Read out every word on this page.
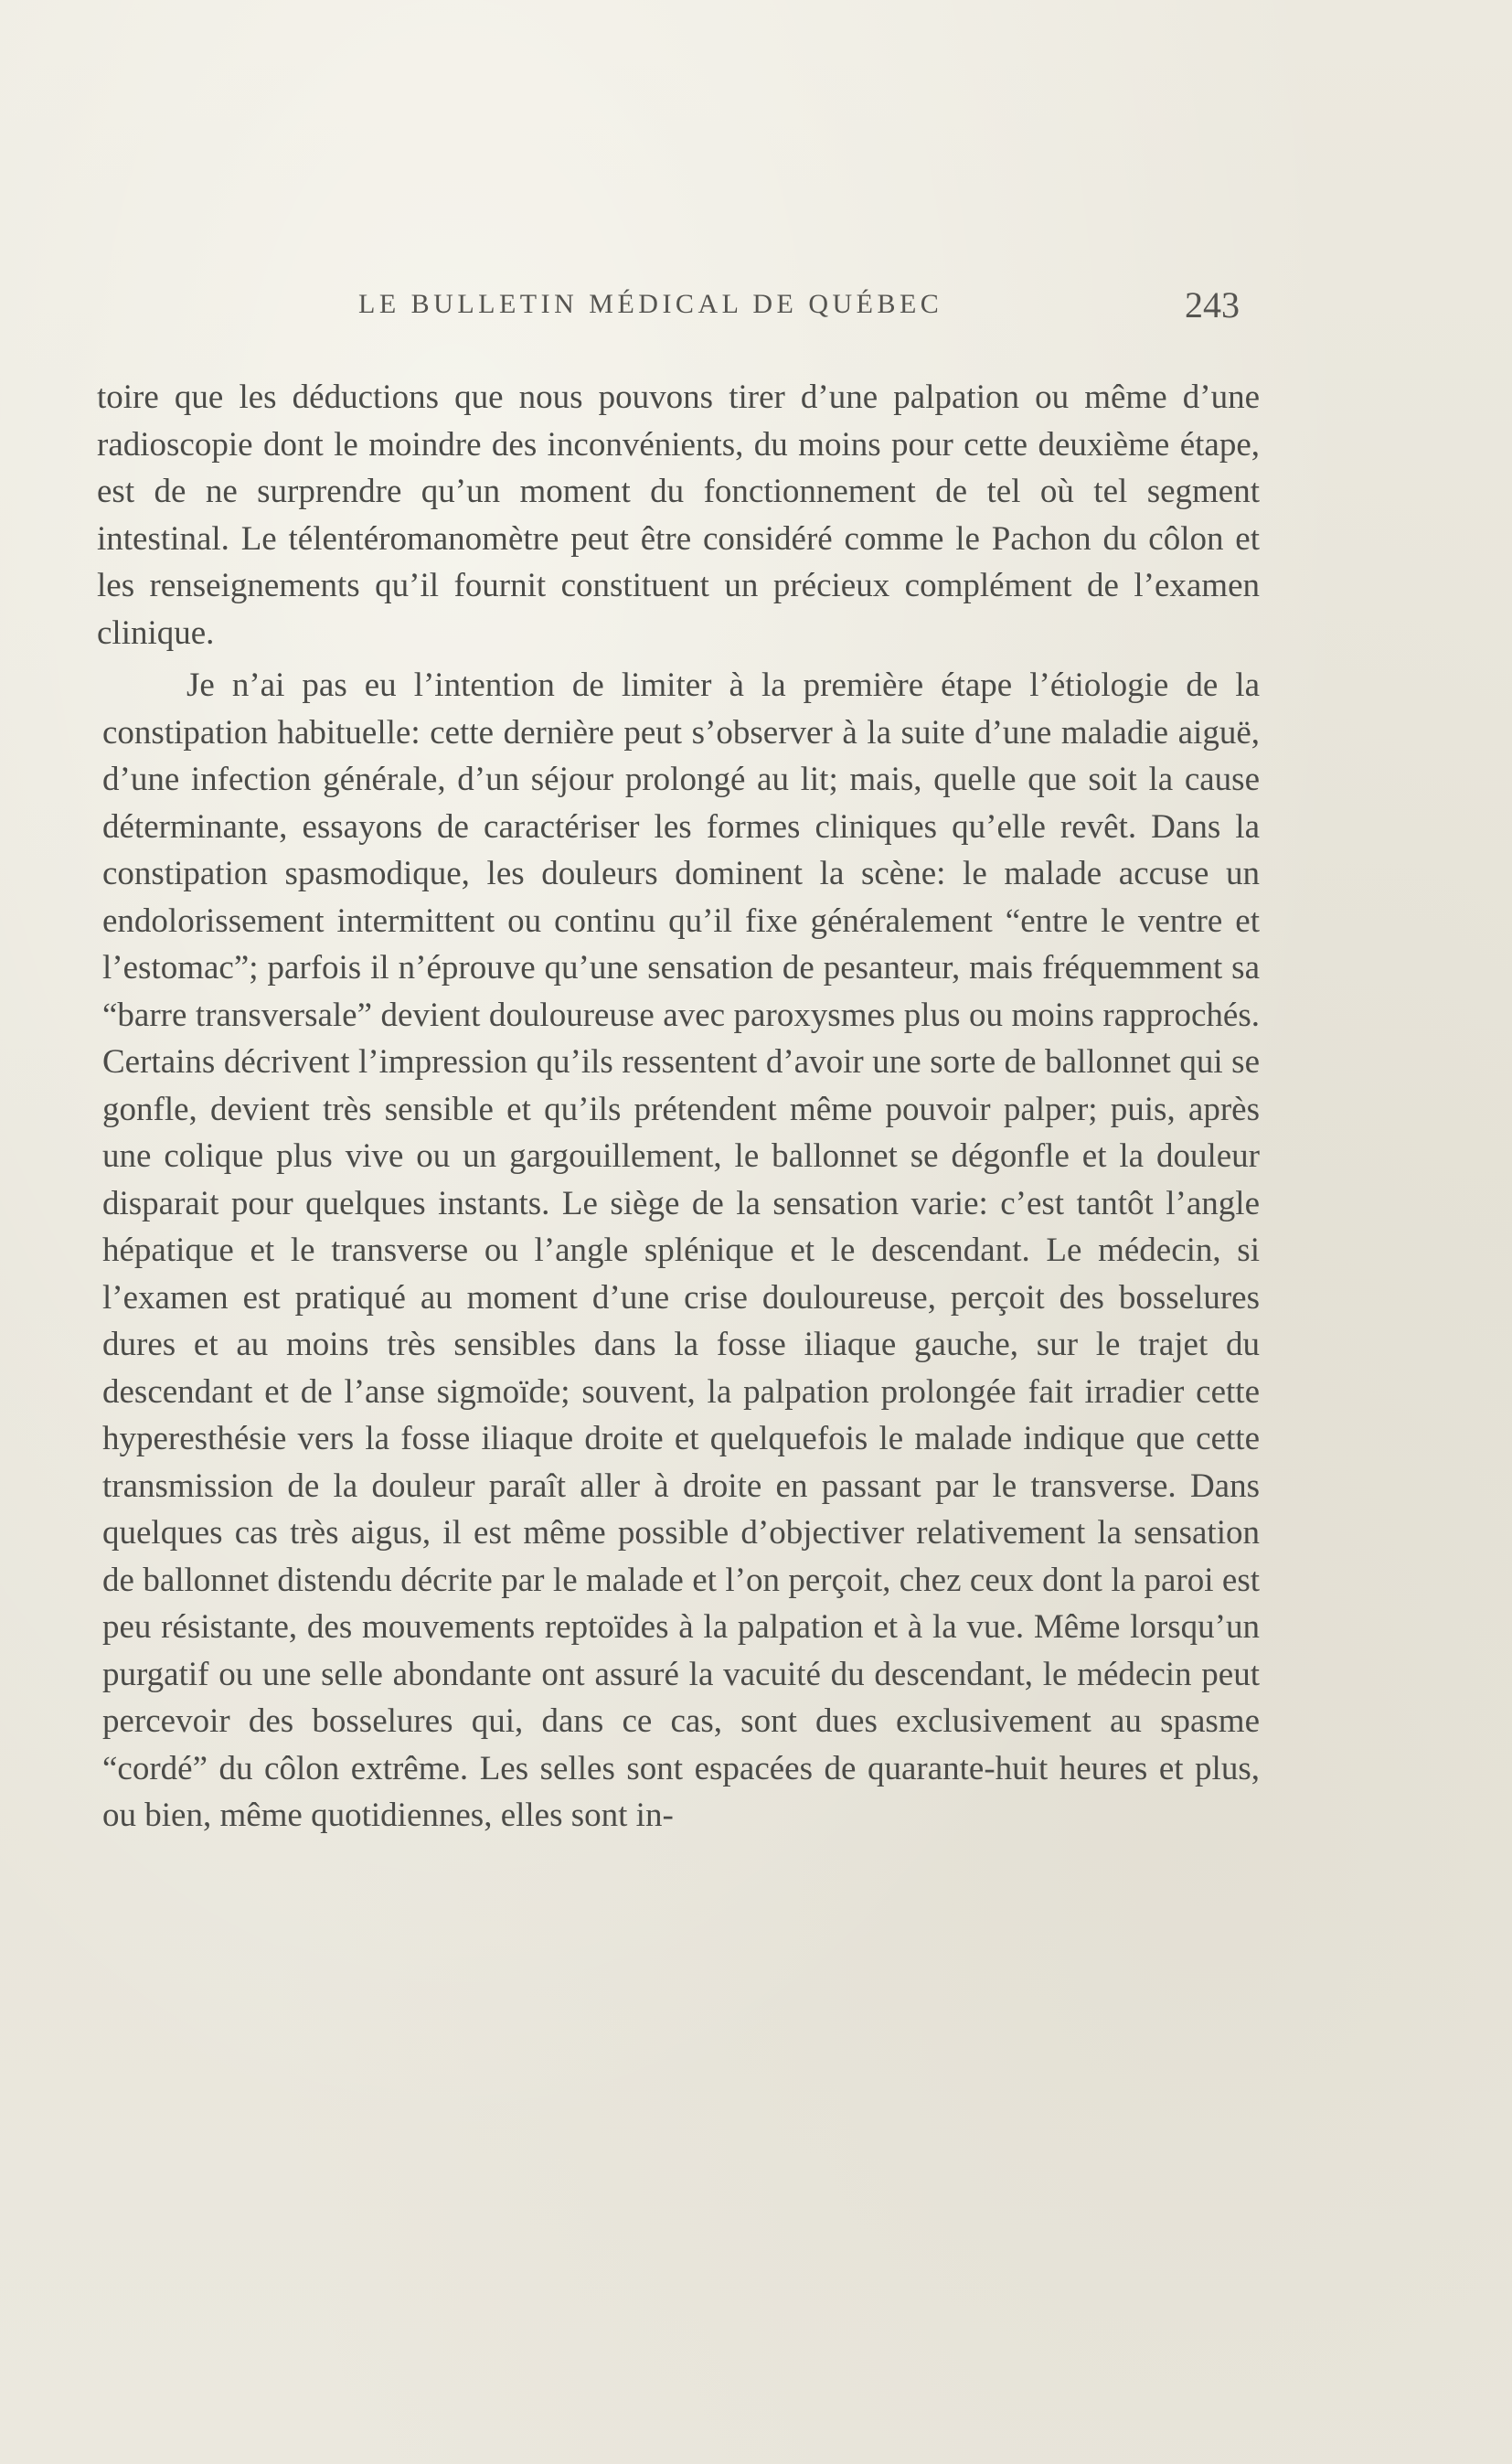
LE BULLETIN MÉDICAL DE QUÉBEC	243

toire que les déductions que nous pouvons tirer d’une palpation ou même d’une radioscopie dont le moindre des inconvénients, du moins pour cette deuxième étape, est de ne surprendre qu’un moment du fonctionnement de tel où tel segment intestinal. Le télentéromanomètre peut être considéré comme le Pachon du côlon et les renseignements qu’il fournit constituent un précieux complément de l’examen clinique.

Je n’ai pas eu l’intention de limiter à la première étape l’étiologie de la constipation habituelle: cette dernière peut s’observer à la suite d’une maladie aiguë, d’une infection générale, d’un séjour prolongé au lit; mais, quelle que soit la cause déterminante, essayons de caractériser les formes cliniques qu’elle revêt. Dans la constipation spasmodique, les douleurs dominent la scène: le malade accuse un endolorissement intermittent ou continu qu’il fixe généralement “entre le ventre et l’estomac”; parfois il n’éprouve qu’une sensation de pesanteur, mais fréquemment sa “barre transversale” devient douloureuse avec paroxysmes plus ou moins rapprochés. Certains décrivent l’impression qu’ils ressentent d’avoir une sorte de ballonnet qui se gonfle, devient très sensible et qu’ils prétendent même pouvoir palper; puis, après une colique plus vive ou un gargouillement, le ballonnet se dégonfle et la douleur disparait pour quelques instants. Le siège de la sensation varie: c’est tantôt l’angle hépatique et le transverse ou l’angle splénique et le descendant. Le médecin, si l’examen est pratiqué au moment d’une crise douloureuse, perçoit des bosselures dures et au moins très sensibles dans la fosse iliaque gauche, sur le trajet du descendant et de l’anse sigmoïde; souvent, la palpation prolongée fait irradier cette hyperesthésie vers la fosse iliaque droite et quelquefois le malade indique que cette transmission de la douleur paraît aller à droite en passant par le transverse. Dans quelques cas très aigus, il est même possible d’objectiver relativement la sensation de ballonnet distendu décrite par le malade et l’on perçoit, chez ceux dont la paroi est peu résistante, des mouvements reptoïdes à la palpation et à la vue. Même lorsqu’un purgatif ou une selle abondante ont assuré la vacuité du descendant, le médecin peut percevoir des bosselures qui, dans ce cas, sont dues exclusivement au spasme “cordé” du côlon extrême. Les selles sont espacées de quarante-huit heures et plus, ou bien, même quotidiennes, elles sont in-
